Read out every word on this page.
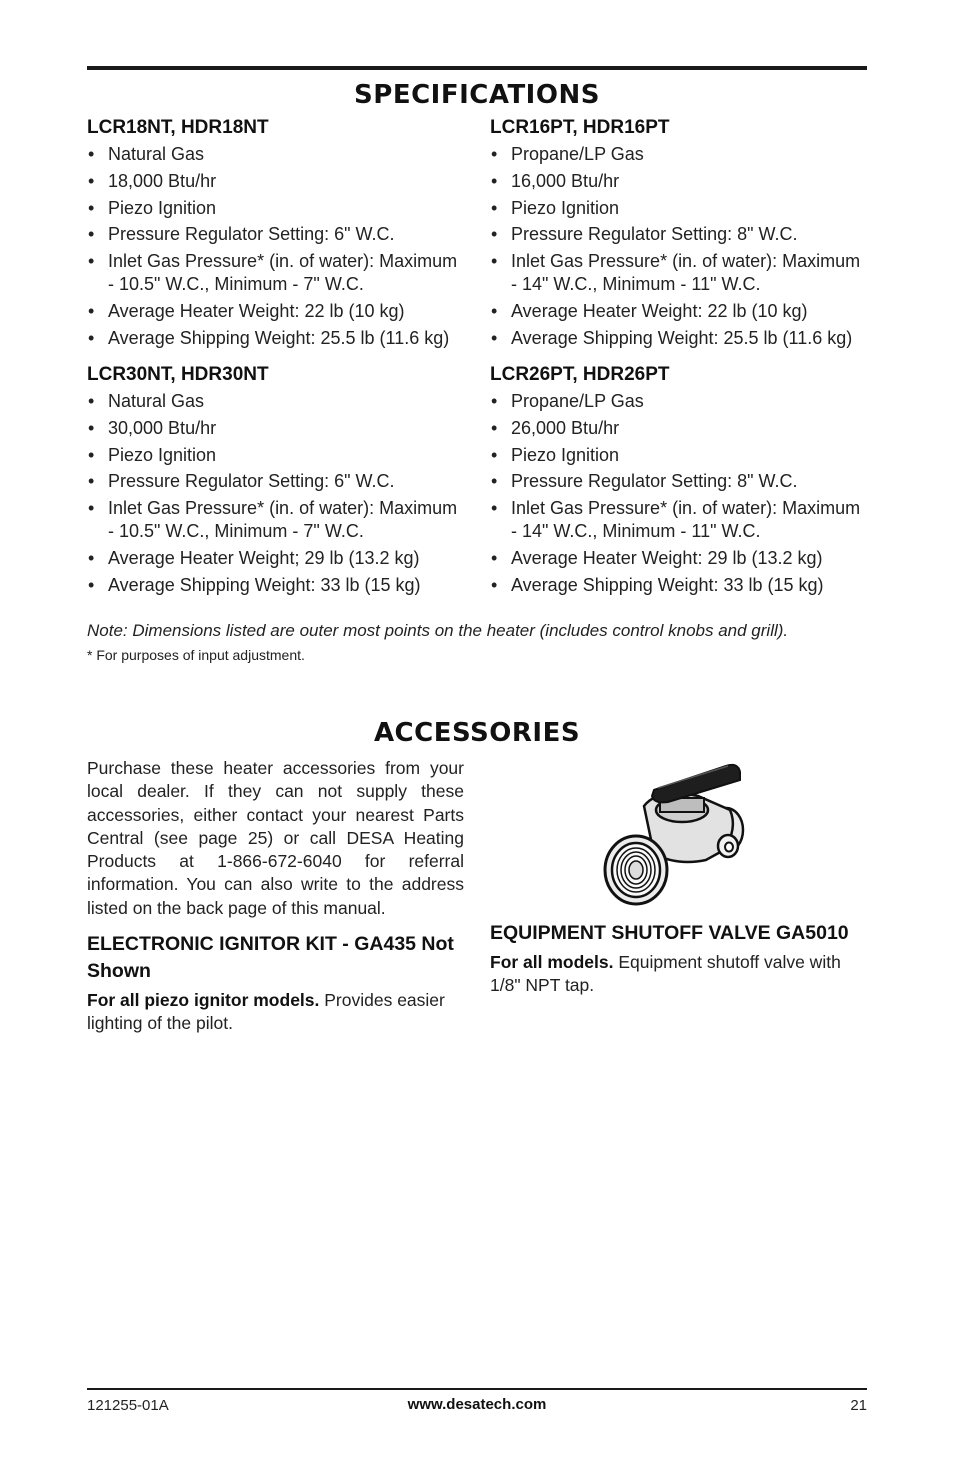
SPECIFICATIONS
LCR18NT, HDR18NT
• Natural Gas
• 18,000 Btu/hr
• Piezo Ignition
• Pressure Regulator Setting: 6" W.C.
• Inlet Gas Pressure* (in. of water): Maximum - 10.5" W.C., Minimum - 7" W.C.
• Average Heater Weight: 22 lb (10 kg)
• Average Shipping Weight: 25.5 lb (11.6 kg)
LCR16PT, HDR16PT
• Propane/LP Gas
• 16,000 Btu/hr
• Piezo Ignition
• Pressure Regulator Setting: 8" W.C.
• Inlet Gas Pressure* (in. of water): Maximum - 14" W.C., Minimum - 11" W.C.
• Average Heater Weight: 22 lb (10 kg)
• Average Shipping Weight: 25.5 lb (11.6 kg)
LCR30NT, HDR30NT
• Natural Gas
• 30,000 Btu/hr
• Piezo Ignition
• Pressure Regulator Setting: 6" W.C.
• Inlet Gas Pressure* (in. of water): Maximum - 10.5" W.C., Minimum - 7" W.C.
• Average Heater Weight; 29 lb (13.2 kg)
• Average Shipping Weight: 33 lb (15 kg)
LCR26PT, HDR26PT
• Propane/LP Gas
• 26,000 Btu/hr
• Piezo Ignition
• Pressure Regulator Setting: 8" W.C.
• Inlet Gas Pressure* (in. of water): Maximum - 14" W.C., Minimum - 11" W.C.
• Average Heater Weight: 29 lb (13.2 kg)
• Average Shipping Weight: 33 lb (15 kg)
Note: Dimensions listed are outer most points on the heater (includes control knobs and grill).
* For purposes of input adjustment.
ACCESSORIES

Purchase these heater accessories from your local dealer. If they can not supply these accessories, either contact your nearest Parts Central (see page 25) or call DESA Heating Products at 1-866-672-6040 for referral information. You can also write to the address listed on the back page of this manual.

ELECTRONIC IGNITOR KIT - GA435 Not Shown

For all piezo ignitor models. Provides easier lighting of the pilot.

EQUIPMENT SHUTOFF VALVE GA5010

For all models. Equipment shutoff valve with 1/8" NPT tap.

121255-01A	www.desatech.com	21
